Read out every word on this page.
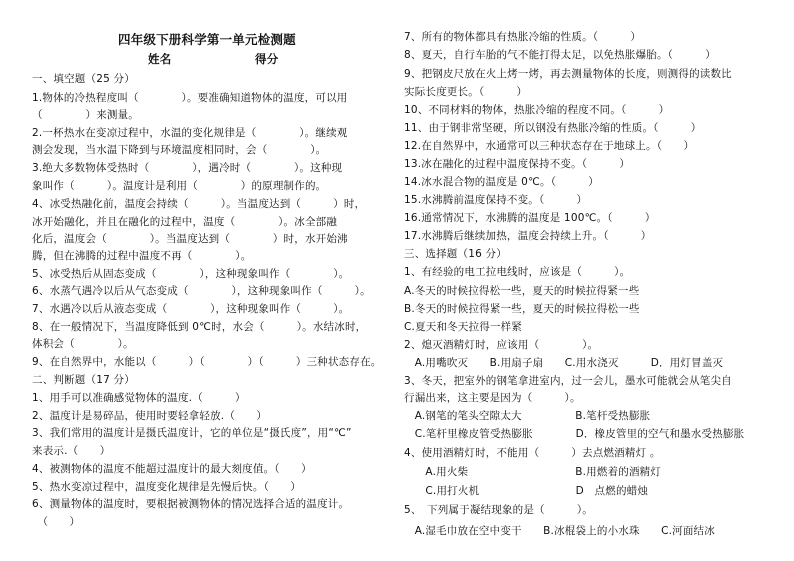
四年级下册科学第一单元检测题
姓名	得分
一、填空题（25 分）
1.物体的冷热程度叫（　　　　）。要准确知道物体的温度，可以用
（　　　　）来测量。
2.一杯热水在变凉过程中，水温的变化规律是（　　　　）。继续观
测会发现，当水温下降到与环境温度相同时，会（　　　　）。
3.绝大多数物体受热时（　　　　），遇冷时（　　　　）。这种现
象叫作（　　　）。温度计是利用（　　　　）的原理制作的。
4、冰受热融化前，温度会持续（　　　）。当温度达到（　　　）时，
冰开始融化，并且在融化的过程中，温度（　　　　）。冰全部融
化后，温度会（　　　　）。当温度达到（　　　　）时，水开始沸
腾，但在沸腾的过程中温度不再（　　　　）。
5、冰受热后从固态变成（　　　　），这种现象叫作（　　　　）。
6、水蒸气遇冷以后从气态变成（　　　　），这种现象叫作（　　　）。
7、水遇冷以后从液态变成（　　　　），这种现象叫作（　　　）。
8、在一般情况下，当温度降低到 0℃时，水会（　　　）。水结冰时，
体积会（　　　　）。
9、在自然界中，水能以（　　　）（　　　　）（　　　）三种状态存在。
二、判断题（17 分）
1、用手可以准确感觉物体的温度.（　　　）
2、温度计是易碎品，使用时要轻拿轻放.（　　）
3、我们常用的温度计是摄氏温度计，它的单位是“摄氏度”，用“℃”
来表示.（　　）
4、被测物体的温度不能超过温度计的最大刻度值。（　　）
5、热水变凉过程中，温度变化规律是先慢后快。（　　）
6、测量物体的温度时，要根据被测物体的情况选择合适的温度计。
　（　　）
7、所有的物体都具有热胀冷缩的性质。（　　　）
8、夏天，自行车胎的气不能打得太足，以免热胀爆胎。（　　　）
9、把钢皮尺放在火上烤一烤，再去测量物体的长度，则测得的读数比
实际长度更长。（　　　）
10、不同材料的物体，热胀冷缩的程度不同。（　　　）
11、由于钢非常坚硬，所以钢没有热胀冷缩的性质。（　　　）
12.在自然界中，水通常可以三种状态存在于地球上。（　　）
13.冰在融化的过程中温度保持不变。（　　　）
14.冰水混合物的温度是 0℃。（　　　）
15.水沸腾前温度保持不变。（　　　）
16.通常情况下，水沸腾的温度是 100℃。（　　　）
17.水沸腾后继续加热，温度会持续上升。（　　　）
三、选择题（16 分）
1、有经验的电工拉电线时，应该是（　　　）。
A.冬天的时候拉得松一些，夏天的时候拉得紧一些
B.冬天的时候拉得紧一些，夏天的时候拉得松一些
C.夏天和冬天拉得一样紧
2、熄灭酒精灯时，应该用（　　　　）。
　A.用嘴吹灭　　B.用扇子扇　　C.用水浇灭　　　D．用灯冒盖灭
3、冬天，把室外的钢笔拿进室内，过一会儿，墨水可能就会从笔尖自
行漏出来，这主要是因为（　　　）。
　A.钢笔的笔头空隙太大　　　　　B.笔杆受热膨胀
　C.笔杆里橡皮管受热膨胀　　　　D．橡皮管里的空气和墨水受热膨胀
4、使用酒精灯时，不能用（　　　）去点燃酒精灯 。
　　A.用火柴　　　　　　　　　　B.用燃着的酒精灯
　　C.用打火机　　　　　　　　　D　点燃的蜡烛
5、　下列属于凝结现象的是（　　　）。
　A.湿毛巾放在空中变干　　B.冰棍袋上的小水珠　　C.河面结冰
